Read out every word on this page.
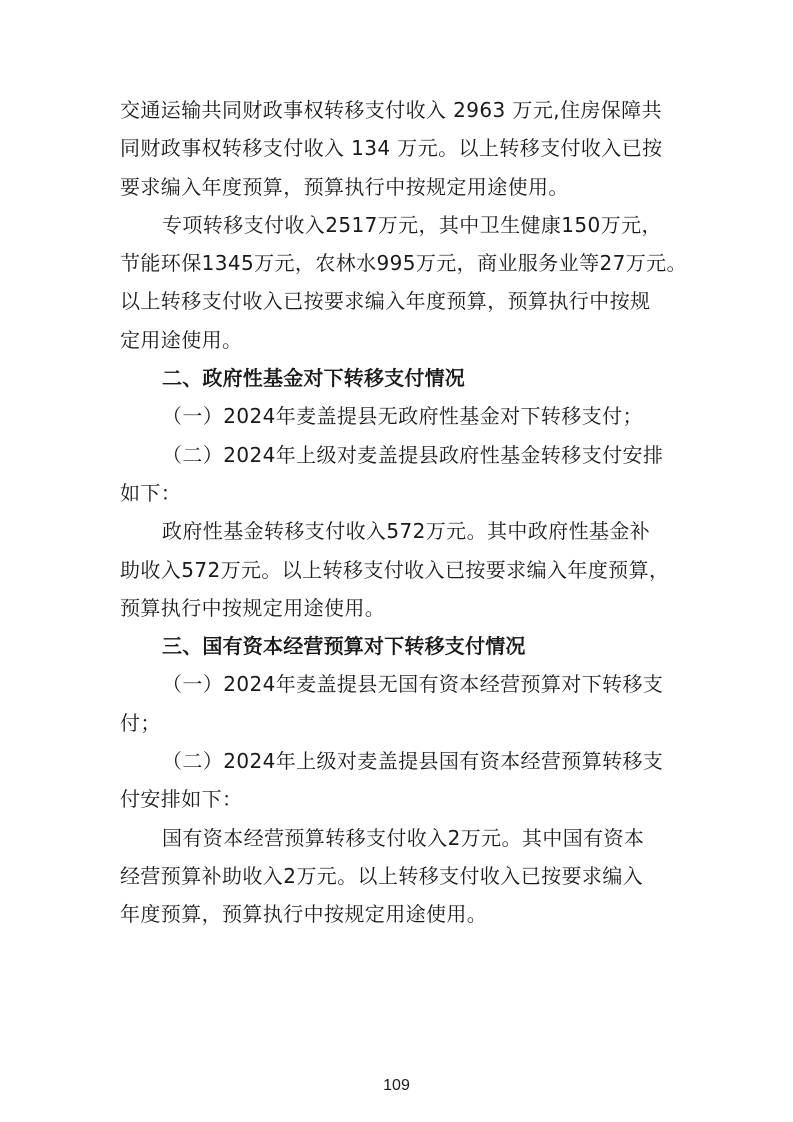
交通运输共同财政事权转移支付收入 2963 万元,住房保障共
同财政事权转移支付收入 134 万元。以上转移支付收入已按
要求编入年度预算，预算执行中按规定用途使用。
专项转移支付收入2517万元，其中卫生健康150万元，
节能环保1345万元，农林水995万元，商业服务业等27万元。
以上转移支付收入已按要求编入年度预算，预算执行中按规
定用途使用。
二、政府性基金对下转移支付情况
（一）2024年麦盖提县无政府性基金对下转移支付；
（二）2024年上级对麦盖提县政府性基金转移支付安排
如下：
政府性基金转移支付收入572万元。其中政府性基金补
助收入572万元。以上转移支付收入已按要求编入年度预算，
预算执行中按规定用途使用。
三、国有资本经营预算对下转移支付情况
（一）2024年麦盖提县无国有资本经营预算对下转移支
付；
（二）2024年上级对麦盖提县国有资本经营预算转移支
付安排如下：
国有资本经营预算转移支付收入2万元。其中国有资本
经营预算补助收入2万元。以上转移支付收入已按要求编入
年度预算，预算执行中按规定用途使用。
109
